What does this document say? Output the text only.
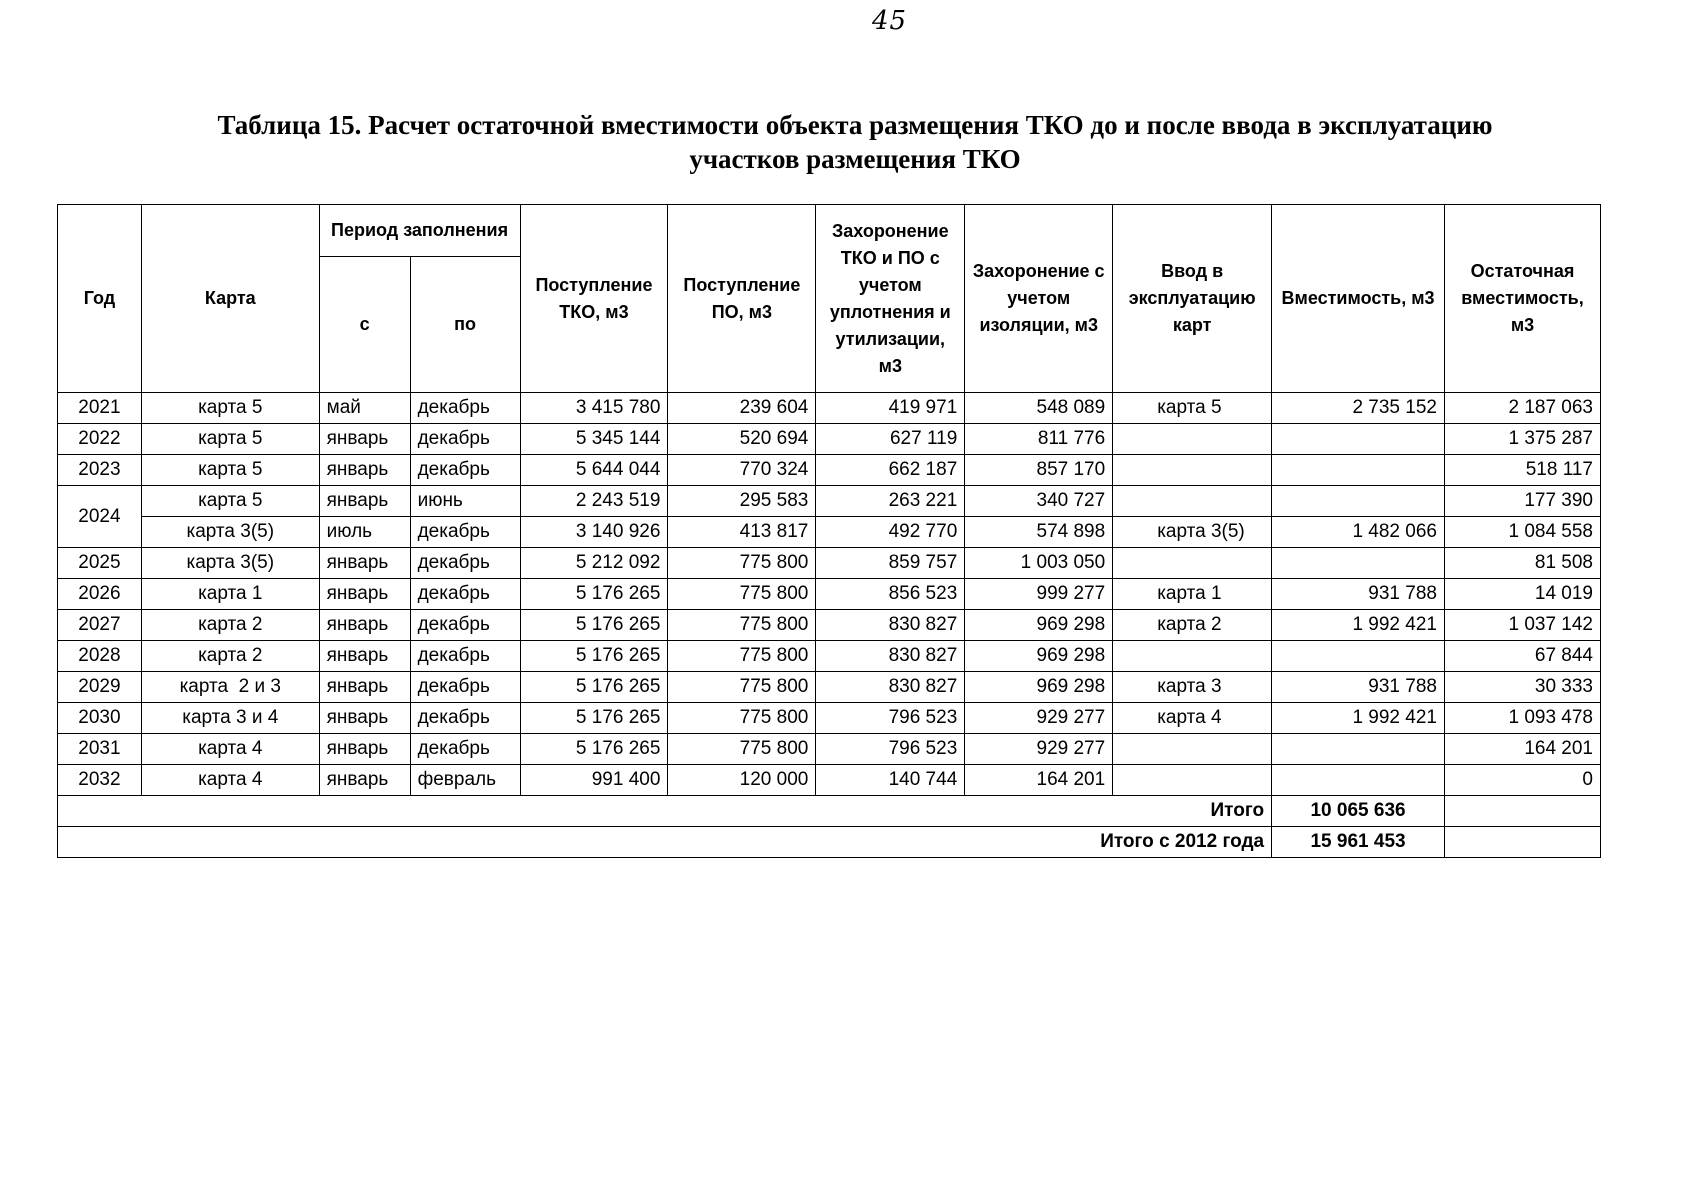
45
Таблица 15. Расчет остаточной вместимости объекта размещения ТКО до и после ввода в эксплуатацию
участков размещения ТКО
Год	Карта	Период заполнения		Поступление ТКО, м3	Поступление ПО, м3	Захоронение ТКО и ПО с учетом уплотнения и утилизации, м3	Захоронение с учетом изоляции, м3	Ввод в эксплуатацию карт	Вместимость, м3	Остаточная вместимость, м3
		с	по							
2021	карта 5	май	декабрь	3 415 780	239 604	419 971	548 089	карта 5	2 735 152	2 187 063
2022	карта 5	январь	декабрь	5 345 144	520 694	627 119	811 776			1 375 287
2023	карта 5	январь	декабрь	5 644 044	770 324	662 187	857 170			518 117
2024	карта 5	январь	июнь	2 243 519	295 583	263 221	340 727			177 390
	карта 3(5)	июль	декабрь	3 140 926	413 817	492 770	574 898	карта 3(5)	1 482 066	1 084 558
2025	карта 3(5)	январь	декабрь	5 212 092	775 800	859 757	1 003 050			81 508
2026	карта 1	январь	декабрь	5 176 265	775 800	856 523	999 277	карта 1	931 788	14 019
2027	карта 2	январь	декабрь	5 176 265	775 800	830 827	969 298	карта 2	1 992 421	1 037 142
2028	карта 2	январь	декабрь	5 176 265	775 800	830 827	969 298			67 844
2029	карта  2 и 3	январь	декабрь	5 176 265	775 800	830 827	969 298	карта 3	931 788	30 333
2030	карта 3 и 4	январь	декабрь	5 176 265	775 800	796 523	929 277	карта 4	1 992 421	1 093 478
2031	карта 4	январь	декабрь	5 176 265	775 800	796 523	929 277			164 201
2032	карта 4	январь	февраль	991 400	120 000	140 744	164 201			0
Итого									10 065 636	
Итого с 2012 года									15 961 453	
